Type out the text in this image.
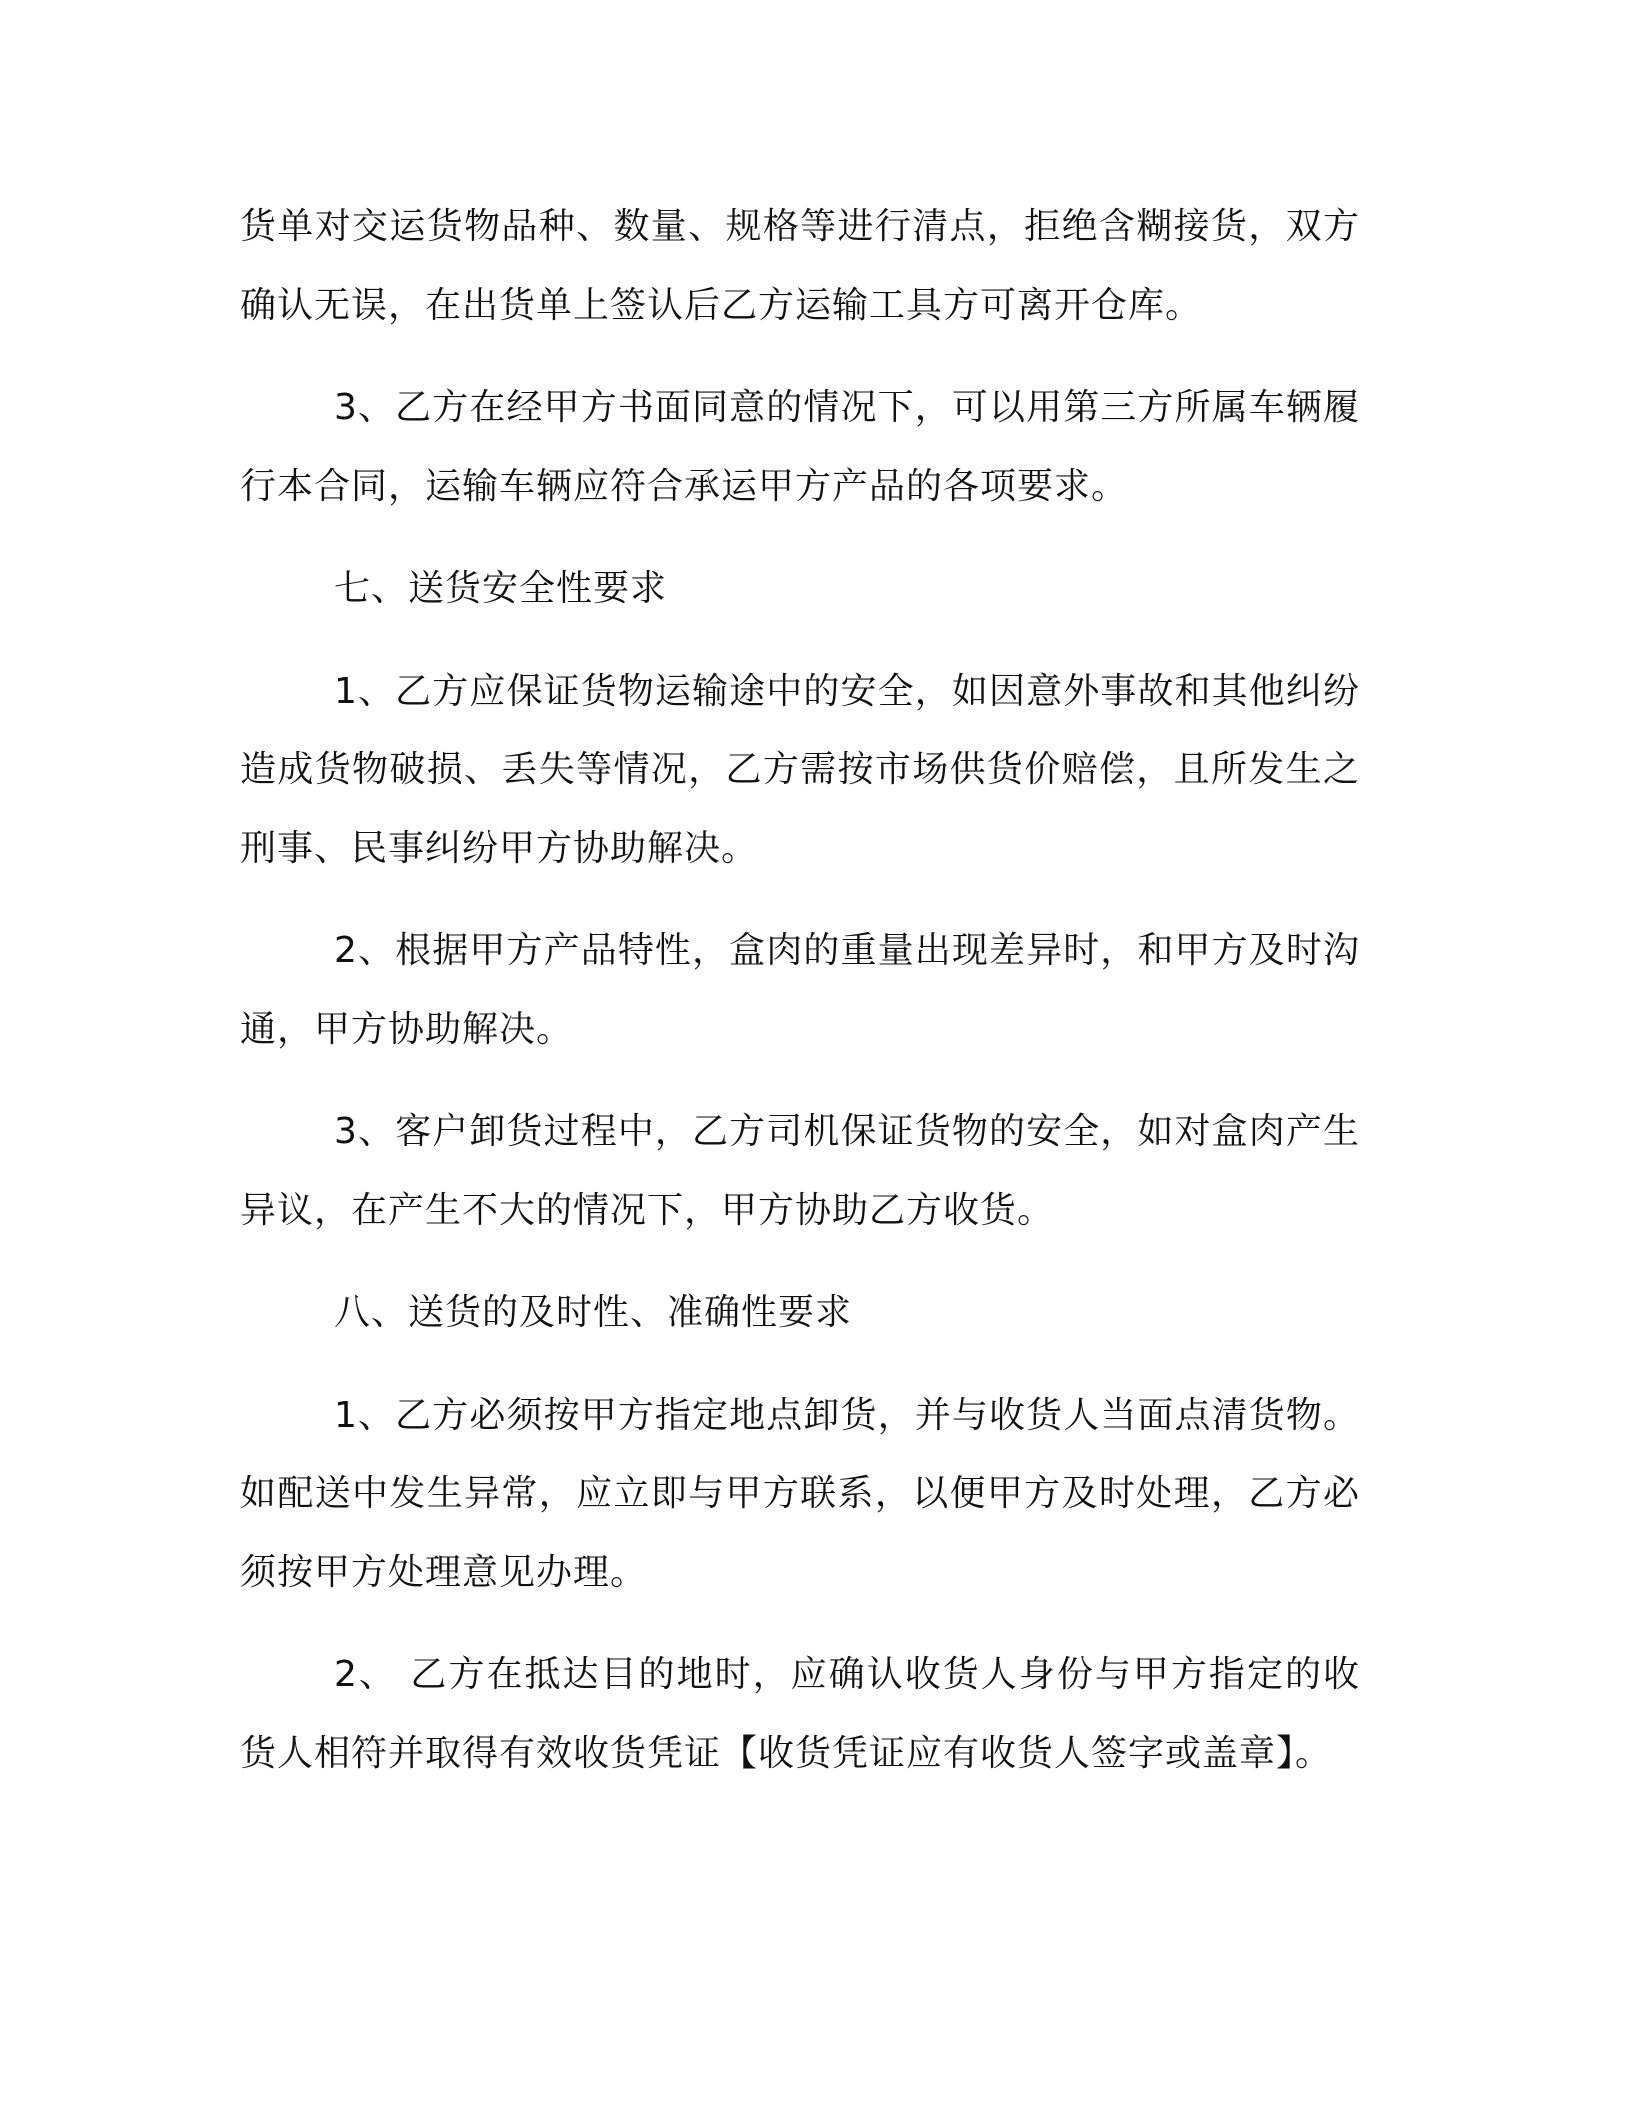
货单对交运货物品种、数量、规格等进行清点，拒绝含糊接货，双方确认无误，在出货单上签认后乙方运输工具方可离开仓库。

3、乙方在经甲方书面同意的情况下，可以用第三方所属车辆履行本合同，运输车辆应符合承运甲方产品的各项要求。

七、送货安全性要求

1、乙方应保证货物运输途中的安全，如因意外事故和其他纠纷造成货物破损、丢失等情况，乙方需按市场供货价赔偿，且所发生之刑事、民事纠纷甲方协助解决。

2、根据甲方产品特性，盒肉的重量出现差异时，和甲方及时沟通，甲方协助解决。

3、客户卸货过程中，乙方司机保证货物的安全，如对盒肉产生异议，在产生不大的情况下，甲方协助乙方收货。

八、送货的及时性、准确性要求

1、乙方必须按甲方指定地点卸货，并与收货人当面点清货物。如配送中发生异常，应立即与甲方联系，以便甲方及时处理，乙方必须按甲方处理意见办理。

2、 乙方在抵达目的地时，应确认收货人身份与甲方指定的收货人相符并取得有效收货凭证【收货凭证应有收货人签字或盖章】。
